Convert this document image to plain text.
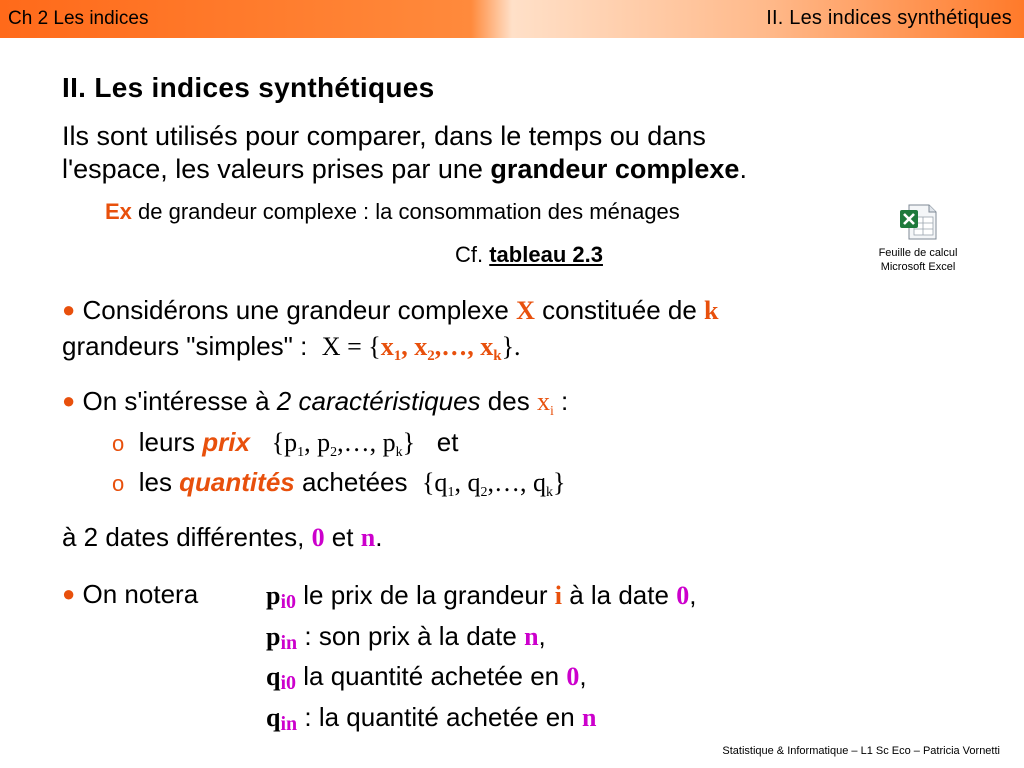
Ch 2 Les indices	II. Les indices synthétiques
II. Les indices synthétiques
Ils sont utilisés pour comparer, dans le temps ou dans
l'espace, les valeurs prises par une grandeur complexe.
Ex de grandeur complexe : la consommation des ménages
Cf. tableau 2.3	Feuille de calcul
Microsoft Excel
● Considérons une grandeur complexe X constituée de k
grandeurs "simples" : X = {x1, x2,…, xk}.
● On s'intéresse à 2 caractéristiques des xi :
o leurs prix {p1, p2,…, pk} et
o les quantités achetées {q1, q2,…, qk}
à 2 dates différentes, 0 et n.
● On notera	pi0 le prix de la grandeur i à la date 0,
pin : son prix à la date n,
qi0 la quantité achetée en 0,
qin : la quantité achetée en n
Statistique & Informatique – L1 Sc Eco – Patricia Vornetti
